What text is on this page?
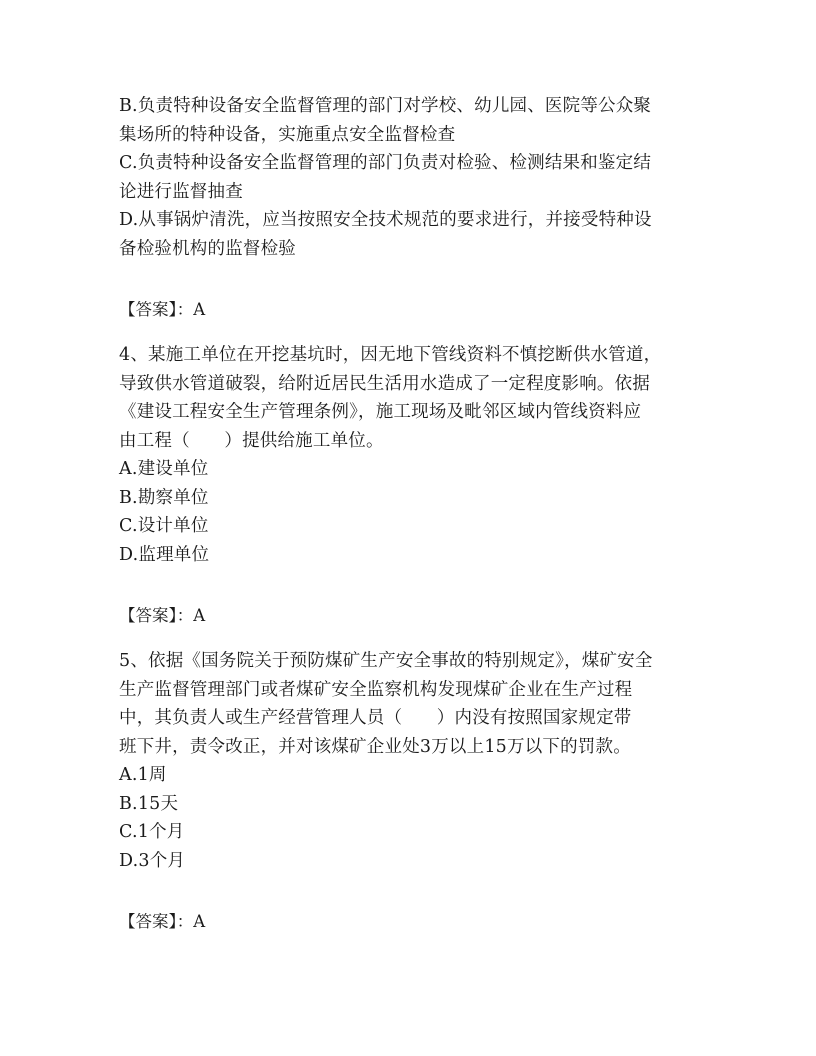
B.负责特种设备安全监督管理的部门对学校、幼儿园、医院等公众聚

集场所的特种设备，实施重点安全监督检查

C.负责特种设备安全监督管理的部门负责对检验、检测结果和鉴定结

论进行监督抽查

D.从事锅炉清洗，应当按照安全技术规范的要求进行，并接受特种设

备检验机构的监督检验

【答案】：A

4、某施工单位在开挖基坑时，因无地下管线资料不慎挖断供水管道，

导致供水管道破裂，给附近居民生活用水造成了一定程度影响。依据

《建设工程安全生产管理条例》，施工现场及毗邻区域内管线资料应

由工程（      ）提供给施工单位。

A.建设单位

B.勘察单位

C.设计单位

D.监理单位

【答案】：A

5、依据《国务院关于预防煤矿生产安全事故的特别规定》，煤矿安全

生产监督管理部门或者煤矿安全监察机构发现煤矿企业在生产过程

中，其负责人或生产经营管理人员（      ）内没有按照国家规定带

班下井，责令改正，并对该煤矿企业处3万以上15万以下的罚款。

A.1周

B.15天

C.1个月

D.3个月

【答案】：A
